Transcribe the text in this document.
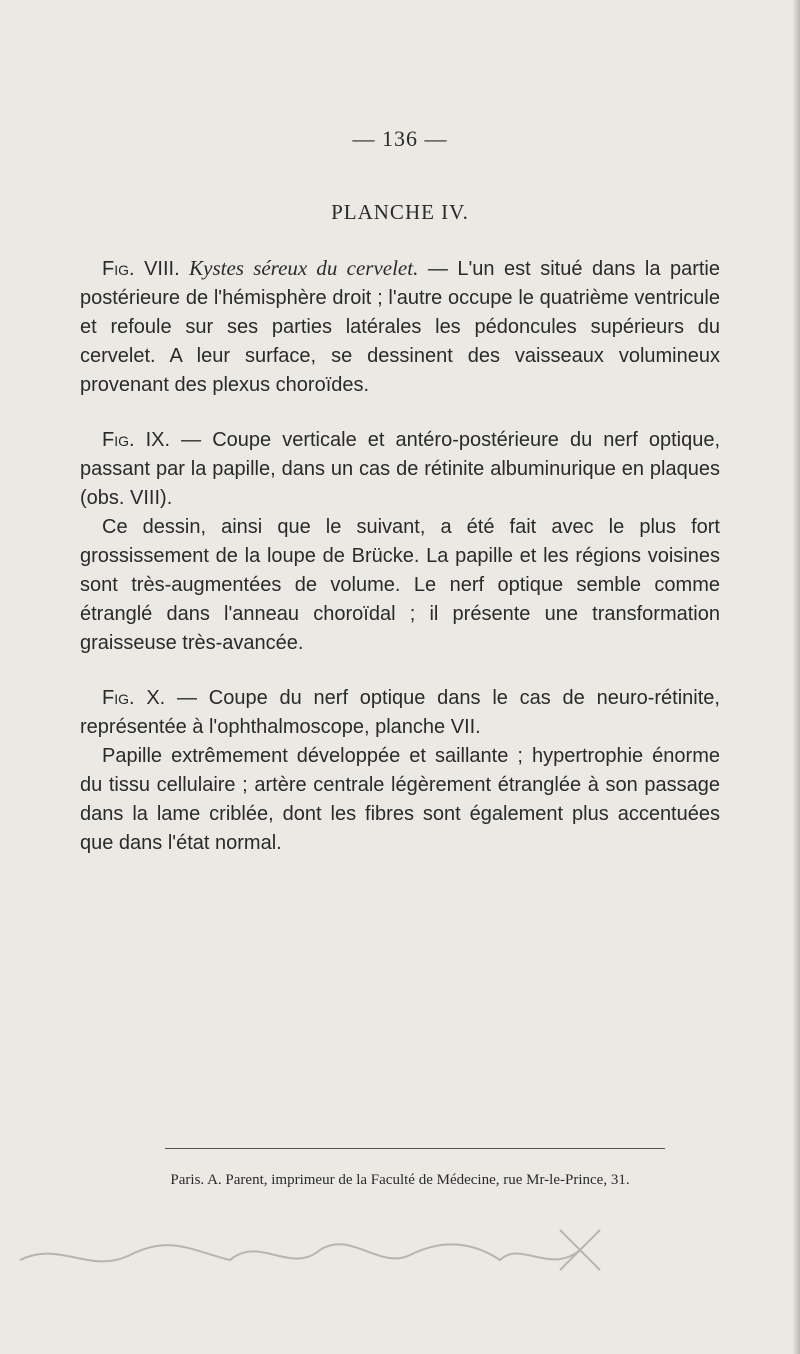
— 136 —
PLANCHE IV.

Fig. VIII. Kystes séreux du cervelet. — L'un est situé dans la partie postérieure de l'hémisphère droit ; l'autre occupe le quatrième ventricule et refoule sur ses parties latérales les pédoncules supérieurs du cervelet. A leur surface, se dessinent des vaisseaux volumineux provenant des plexus choroïdes.

Fig. IX. — Coupe verticale et antéro-postérieure du nerf optique, passant par la papille, dans un cas de rétinite albuminurique en plaques (obs. VIII).

Ce dessin, ainsi que le suivant, a été fait avec le plus fort grossissement de la loupe de Brücke. La papille et les régions voisines sont très-augmentées de volume. Le nerf optique semble comme étranglé dans l'anneau choroïdal ; il présente une transformation graisseuse très-avancée.

Fig. X. — Coupe du nerf optique dans le cas de neuro-rétinite, représentée à l'ophthalmoscope, planche VII.

Papille extrêmement développée et saillante ; hypertrophie énorme du tissu cellulaire ; artère centrale légèrement étranglée à son passage dans la lame criblée, dont les fibres sont également plus accentuées que dans l'état normal.

Paris. A. Parent, imprimeur de la Faculté de Médecine, rue Mr-le-Prince, 31.
